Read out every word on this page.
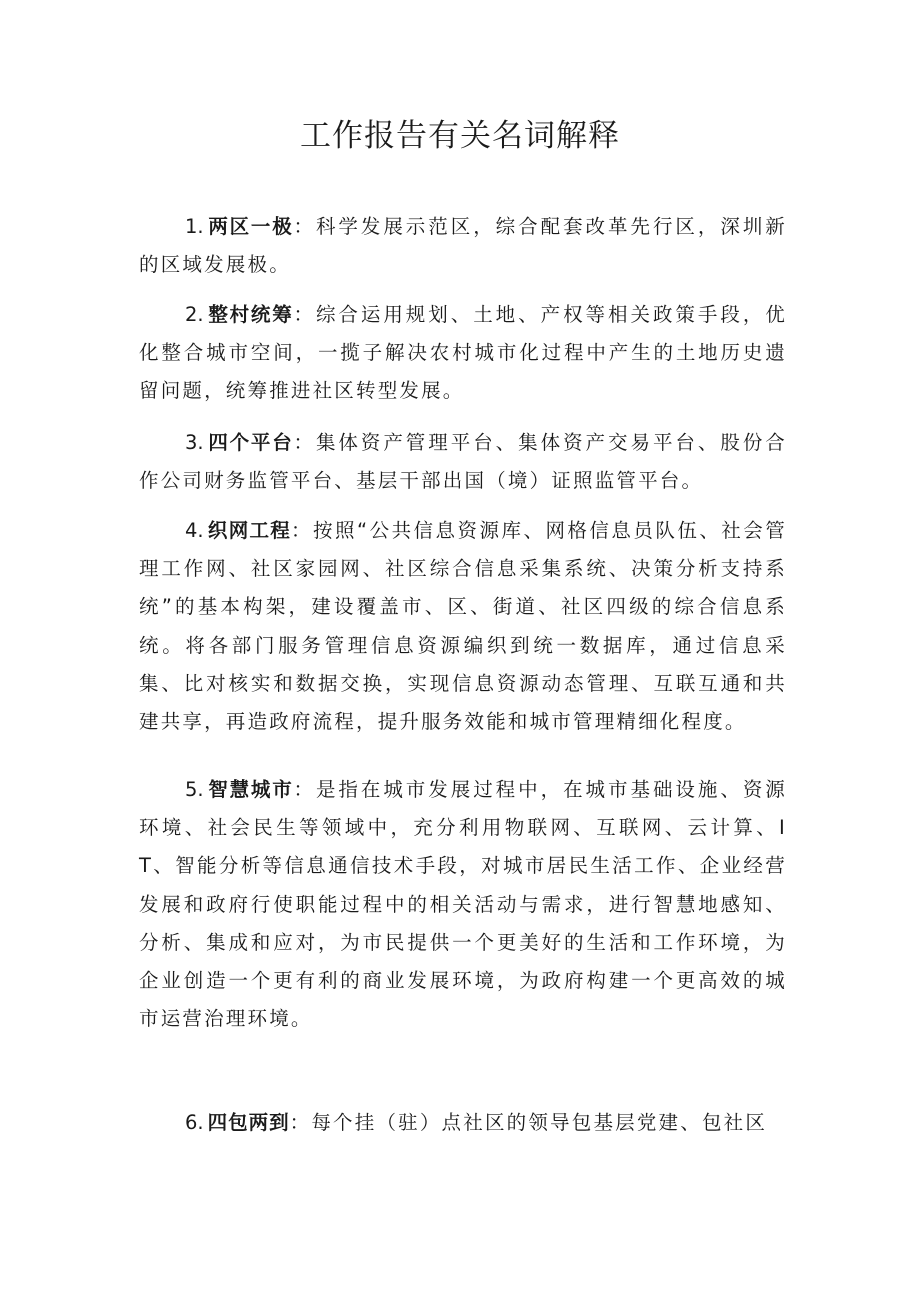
工作报告有关名词解释

1. 两区一极：科学发展示范区，综合配套改革先行区，深圳新的区域发展极。

2. 整村统筹：综合运用规划、土地、产权等相关政策手段，优化整合城市空间，一揽子解决农村城市化过程中产生的土地历史遗留问题，统筹推进社区转型发展。

3. 四个平台：集体资产管理平台、集体资产交易平台、股份合作公司财务监管平台、基层干部出国（境）证照监管平台。

4. 织网工程：按照“公共信息资源库、网格信息员队伍、社会管理工作网、社区家园网、社区综合信息采集系统、决策分析支持系统”的基本构架，建设覆盖市、区、街道、社区四级的综合信息系统。将各部门服务管理信息资源编织到统一数据库，通过信息采集、比对核实和数据交换，实现信息资源动态管理、互联互通和共建共享，再造政府流程，提升服务效能和城市管理精细化程度。

5. 智慧城市：是指在城市发展过程中，在城市基础设施、资源环境、社会民生等领域中，充分利用物联网、互联网、云计算、IT、智能分析等信息通信技术手段，对城市居民生活工作、企业经营发展和政府行使职能过程中的相关活动与需求，进行智慧地感知、分析、集成和应对，为市民提供一个更美好的生活和工作环境，为企业创造一个更有利的商业发展环境，为政府构建一个更高效的城市运营治理环境。

6. 四包两到：每个挂（驻）点社区的领导包基层党建、包社区
